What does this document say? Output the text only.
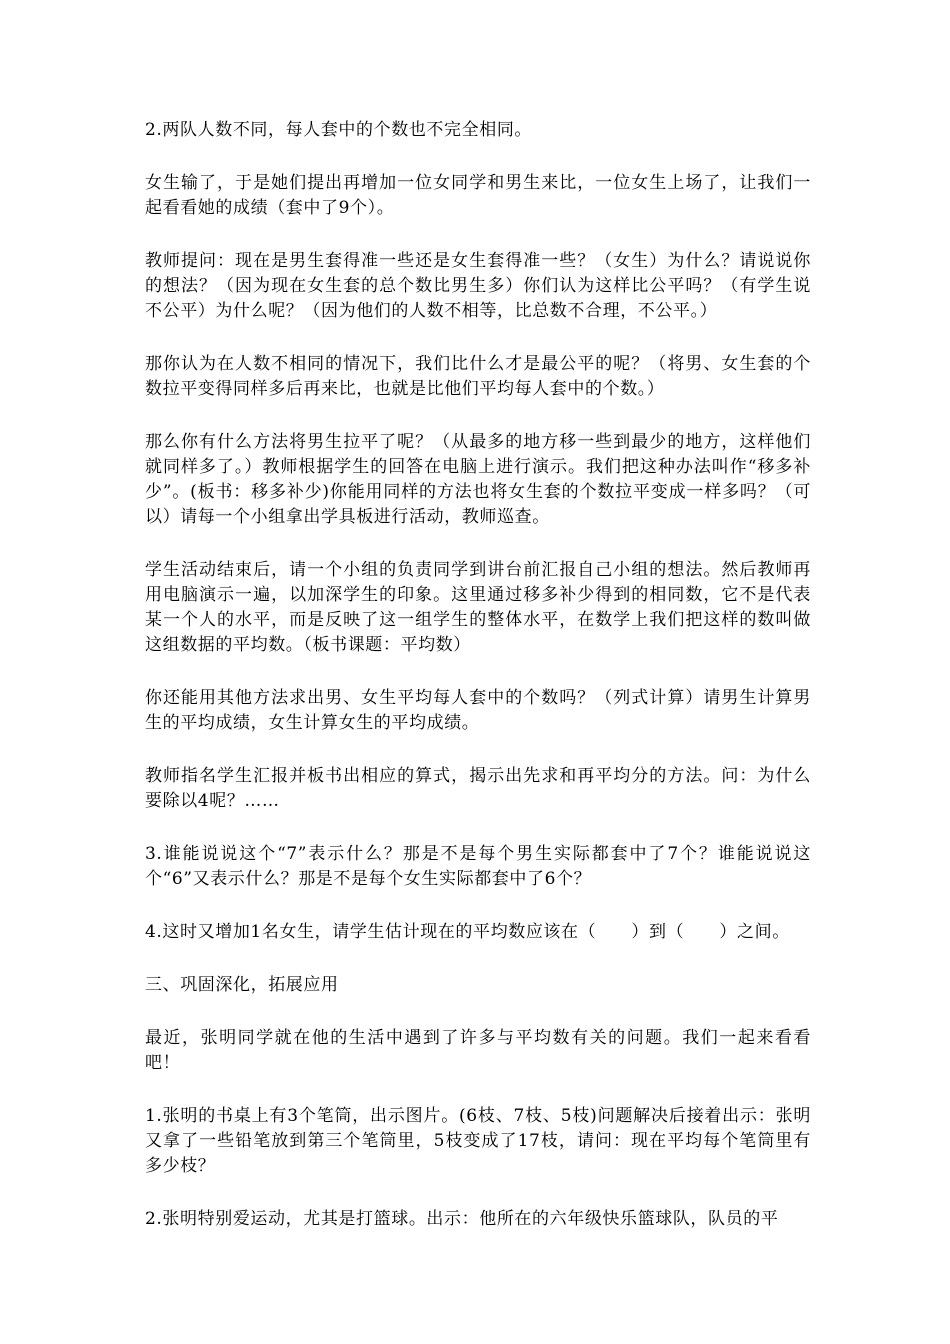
2.两队人数不同，每人套中的个数也不完全相同。

女生输了，于是她们提出再增加一位女同学和男生来比，一位女生上场了，让我们一起看看她的成绩（套中了9个）。

教师提问：现在是男生套得准一些还是女生套得准一些？（女生）为什么？请说说你的想法？（因为现在女生套的总个数比男生多）你们认为这样比公平吗？（有学生说不公平）为什么呢？（因为他们的人数不相等，比总数不合理，不公平。）

那你认为在人数不相同的情况下，我们比什么才是最公平的呢？（将男、女生套的个数拉平变得同样多后再来比，也就是比他们平均每人套中的个数。）

那么你有什么方法将男生拉平了呢？（从最多的地方移一些到最少的地方，这样他们就同样多了。）教师根据学生的回答在电脑上进行演示。我们把这种办法叫作“移多补少”。(板书：移多补少)你能用同样的方法也将女生套的个数拉平变成一样多吗？（可以）请每一个小组拿出学具板进行活动，教师巡查。

学生活动结束后，请一个小组的负责同学到讲台前汇报自己小组的想法。然后教师再用电脑演示一遍，以加深学生的印象。这里通过移多补少得到的相同数，它不是代表某一个人的水平，而是反映了这一组学生的整体水平，在数学上我们把这样的数叫做这组数据的平均数。（板书课题：平均数）

你还能用其他方法求出男、女生平均每人套中的个数吗？（列式计算）请男生计算男生的平均成绩，女生计算女生的平均成绩。

教师指名学生汇报并板书出相应的算式，揭示出先求和再平均分的方法。问：为什么要除以4呢？……

3.谁能说说这个“7”表示什么？那是不是每个男生实际都套中了7个？谁能说说这个“6”又表示什么？那是不是每个女生实际都套中了6个？

4.这时又增加1名女生，请学生估计现在的平均数应该在（　　）到（　　）之间。

三、巩固深化，拓展应用

最近，张明同学就在他的生活中遇到了许多与平均数有关的问题。我们一起来看看吧！

1.张明的书桌上有3个笔筒，出示图片。(6枝、7枝、5枝)问题解决后接着出示：张明又拿了一些铅笔放到第三个笔筒里，5枝变成了17枝，请问：现在平均每个笔筒里有多少枝？

2.张明特别爱运动，尤其是打篮球。出示：他所在的六年级快乐篮球队，队员的平
